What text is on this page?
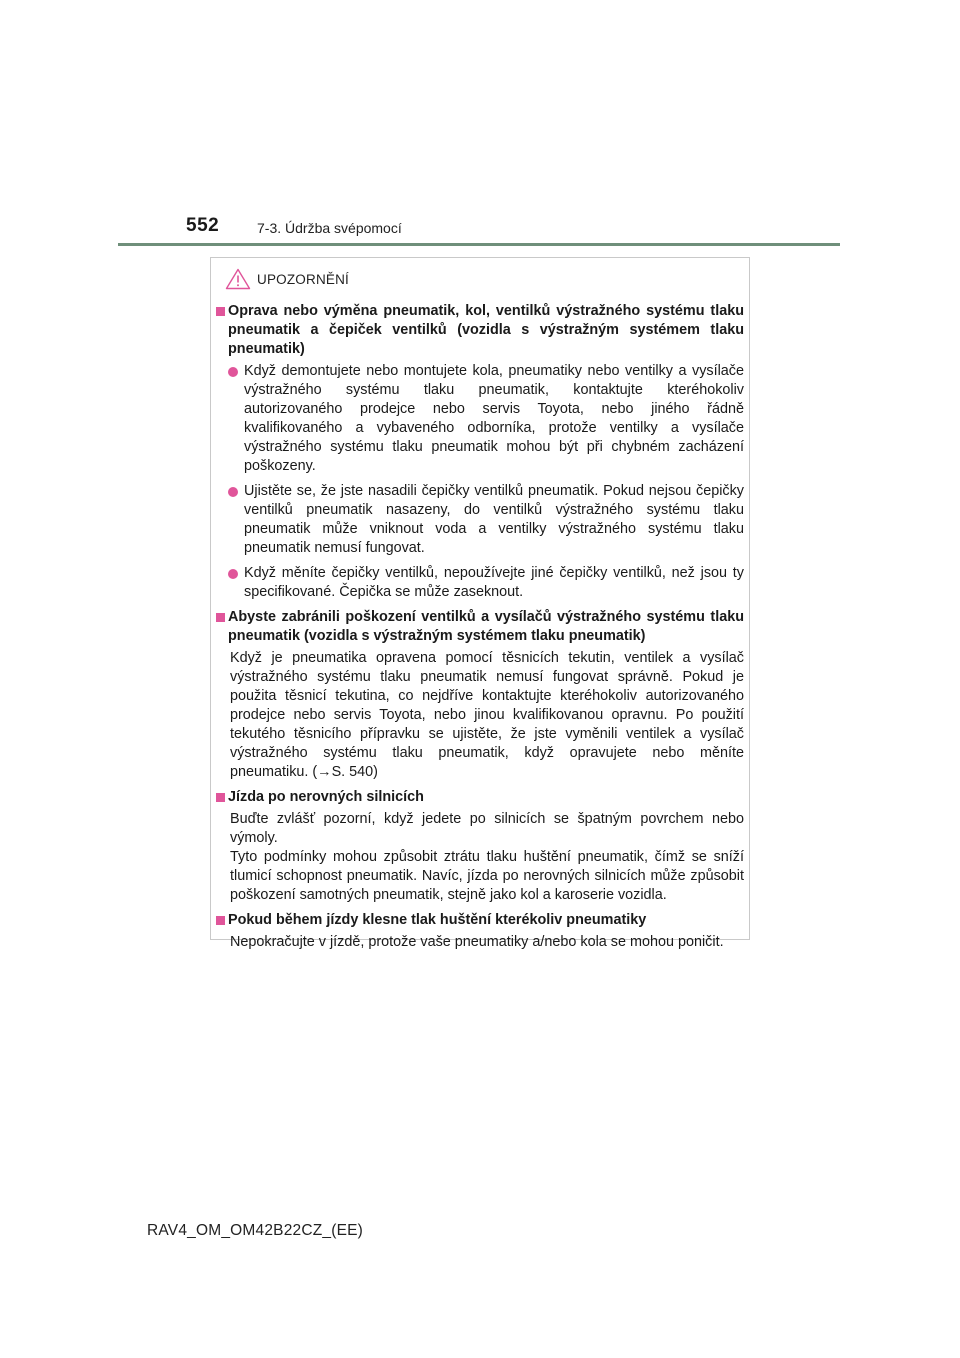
552	7-3. Údržba svépomocí
UPOZORNĚNÍ
Oprava nebo výměna pneumatik, kol, ventilků výstražného systému tlaku pneumatik a čepiček ventilků (vozidla s výstražným systémem tlaku pneumatik)
Když demontujete nebo montujete kola, pneumatiky nebo ventilky a vysílače výstražného systému tlaku pneumatik, kontaktujte kteréhokoliv autorizovaného prodejce nebo servis Toyota, nebo jiného řádně kvalifikovaného a vybaveného odborníka, protože ventilky a vysílače výstražného systému tlaku pneumatik mohou být při chybném zacházení poškozeny.
Ujistěte se, že jste nasadili čepičky ventilků pneumatik. Pokud nejsou čepičky ventilků pneumatik nasazeny, do ventilků výstražného systému tlaku pneumatik může vniknout voda a ventilky výstražného systému tlaku pneumatik nemusí fungovat.
Když měníte čepičky ventilků, nepoužívejte jiné čepičky ventilků, než jsou ty specifikované. Čepička se může zaseknout.
Abyste zabránili poškození ventilků a vysílačů výstražného systému tlaku pneumatik (vozidla s výstražným systémem tlaku pneumatik)
Když je pneumatika opravena pomocí těsnicích tekutin, ventilek a vysílač výstražného systému tlaku pneumatik nemusí fungovat správně. Pokud je použita těsnicí tekutina, co nejdříve kontaktujte kteréhokoliv autorizovaného prodejce nebo servis Toyota, nebo jinou kvalifikovanou opravnu. Po použití tekutého těsnicího přípravku se ujistěte, že jste vyměnili ventilek a vysílač výstražného systému tlaku pneumatik, když opravujete nebo měníte pneumatiku. (→S. 540)
Jízda po nerovných silnicích
Buďte zvlášť pozorní, když jedete po silnicích se špatným povrchem nebo výmoly.
Tyto podmínky mohou způsobit ztrátu tlaku huštění pneumatik, čímž se sníží tlumicí schopnost pneumatik. Navíc, jízda po nerovných silnicích může způsobit poškození samotných pneumatik, stejně jako kol a karoserie vozidla.
Pokud během jízdy klesne tlak huštění kterékoliv pneumatiky
Nepokračujte v jízdě, protože vaše pneumatiky a/nebo kola se mohou poničit.
RAV4_OM_OM42B22CZ_(EE)
